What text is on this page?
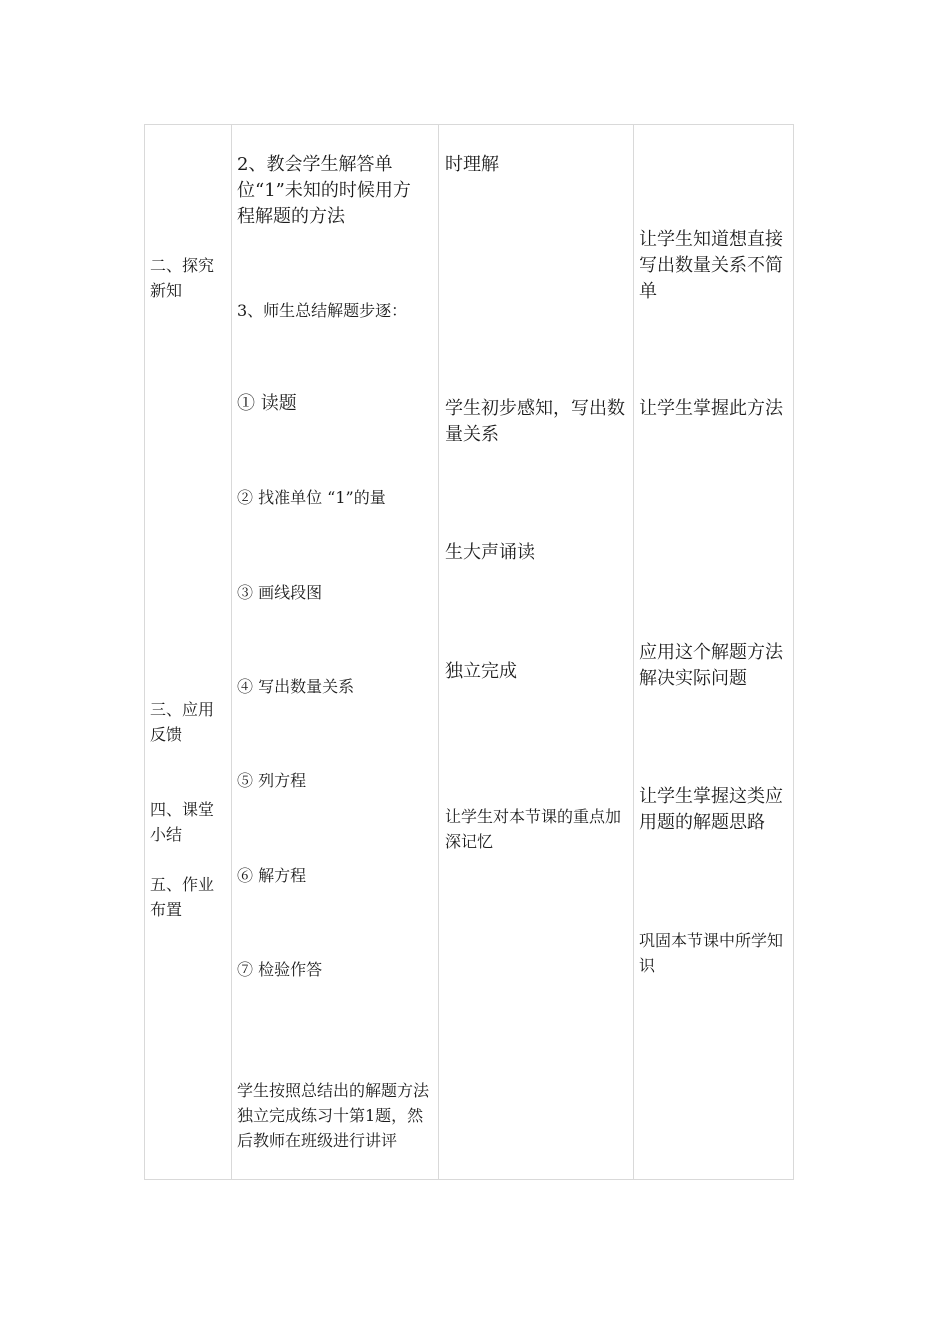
二、探究新知
三、应用反馈
四、课堂小结
五、作业布置
2、教会学生解答单位“1”未知的时候用方程解题的方法
3、师生总结解题步逐：
① 读题
② 找准单位 “1”的量
③ 画线段图
④ 写出数量关系
⑤ 列方程
⑥ 解方程
⑦ 检验作答
学生按照总结出的解题方法独立完成练习十第1题，然后教师在班级进行讲评
时理解
学生初步感知，写出数量关系
生大声诵读
独立完成
让学生对本节课的重点加深记忆
让学生知道想直接写出数量关系不简单
让学生掌握此方法
应用这个解题方法解决实际问题
让学生掌握这类应用题的解题思路
巩固本节课中所学知识
